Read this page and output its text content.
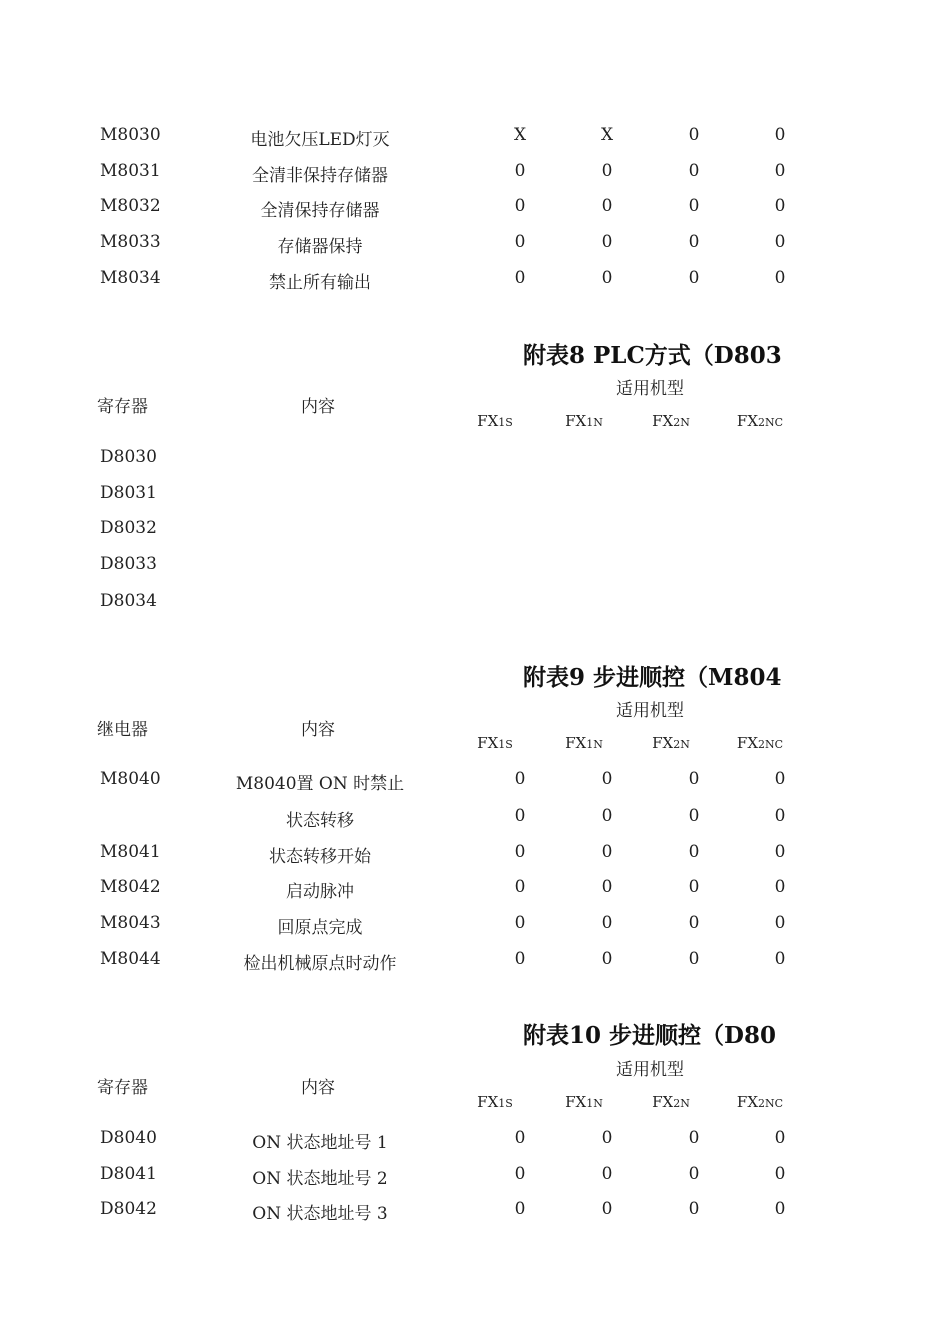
M8030	电池欠压LED灯灭	X	X	0	0
M8031	全清非保持存储器	0	0	0	0
M8032	全清保持存储器	0	0	0	0
M8033	存储器保持	0	0	0	0
M8034	禁止所有输出	0	0	0	0
附表8 PLC方式（D803
适用机型
寄存器	内容
FX1S	FX1N	FX2N	FX2NC
D8030
D8031
D8032
D8033
D8034
附表9 步进顺控（M804
适用机型
继电器	内容
FX1S	FX1N	FX2N	FX2NC
M8040	M8040置 ON 时禁止	0	0	0	0
状态转移	0	0	0	0
M8041	状态转移开始	0	0	0	0
M8042	启动脉冲	0	0	0	0
M8043	回原点完成	0	0	0	0
M8044	检出机械原点时动作	0	0	0	0
附表10 步进顺控（D80
适用机型
寄存器	内容
FX1S	FX1N	FX2N	FX2NC
D8040	ON 状态地址号 1	0	0	0	0
D8041	ON 状态地址号 2	0	0	0	0
D8042	ON 状态地址号 3	0	0	0	0
